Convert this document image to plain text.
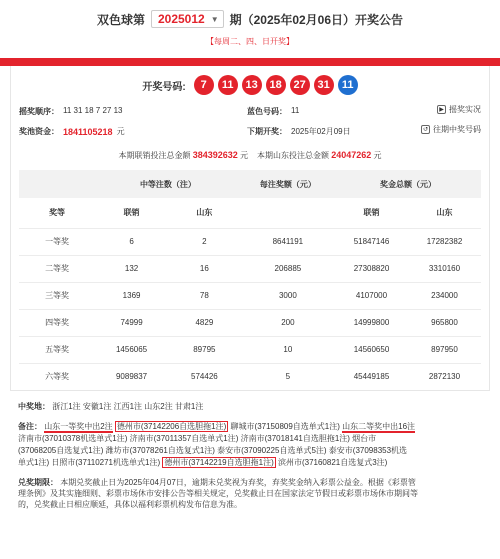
双色球第 2025012 ▼ 期（2025年02月06日）开奖公告
【每周二、四、日开奖】
开奖号码:	7	11	13	18	27	31	11
摇奖顺序： 11 31 18 7 27 13	蓝色号码： 11
奖池资金： 1841105218 元	下期开奖： 2025年02月09日
▶ 摇奖实况
↺ 往期中奖号码
本期联销投注总金额 384392632 元 本期山东投注总金额 24047262 元
	中等注数（注）		每注奖额（元）	奖金总额（元）	
奖等	联销	山东		联销	山东
一等奖	6	2	8641191	51847146	17282382
二等奖	132	16	206885	27308820	3310160
三等奖	1369	78	3000	4107000	234000
四等奖	74999	4829	200	14999800	965800
五等奖	1456065	89795	10	14560650	897950
六等奖	9089837	574426	5	45449185	2872130
中奖地： 浙江1注 安徽1注 江西1注 山东2注 甘肃1注
备注： 山东一等奖中出2注 德州市(37142206自选胆拖1注) 聊城市(37150809自选单式1注) 山东二等奖中出16注
济南市(37010378机选单式1注) 济南市(37011357自选单式1注) 济南市(37018141自选胆拖1注) 烟台市
(37068205自选复式1注) 潍坊市(37078261自选复式1注) 泰安市(37090225自选单式5注) 泰安市(37098353机选
单式1注) 日照市(37110271机选单式1注) 德州市(37142219自选胆拖1注) 滨州市(37160821自选复式3注)
兑奖期限： 本期兑奖截止日为2025年04月07日，逾期未兑奖视为弃奖，弃奖奖金纳入彩票公益金。根据《彩票管
理条例》及其实施细则、彩票市场休市安排公告等相关规定，兑奖截止日在国家法定节假日或彩票市场休市期间等
的，兑奖截止日相应顺延，具体以福利彩票机构发布信息为准。
